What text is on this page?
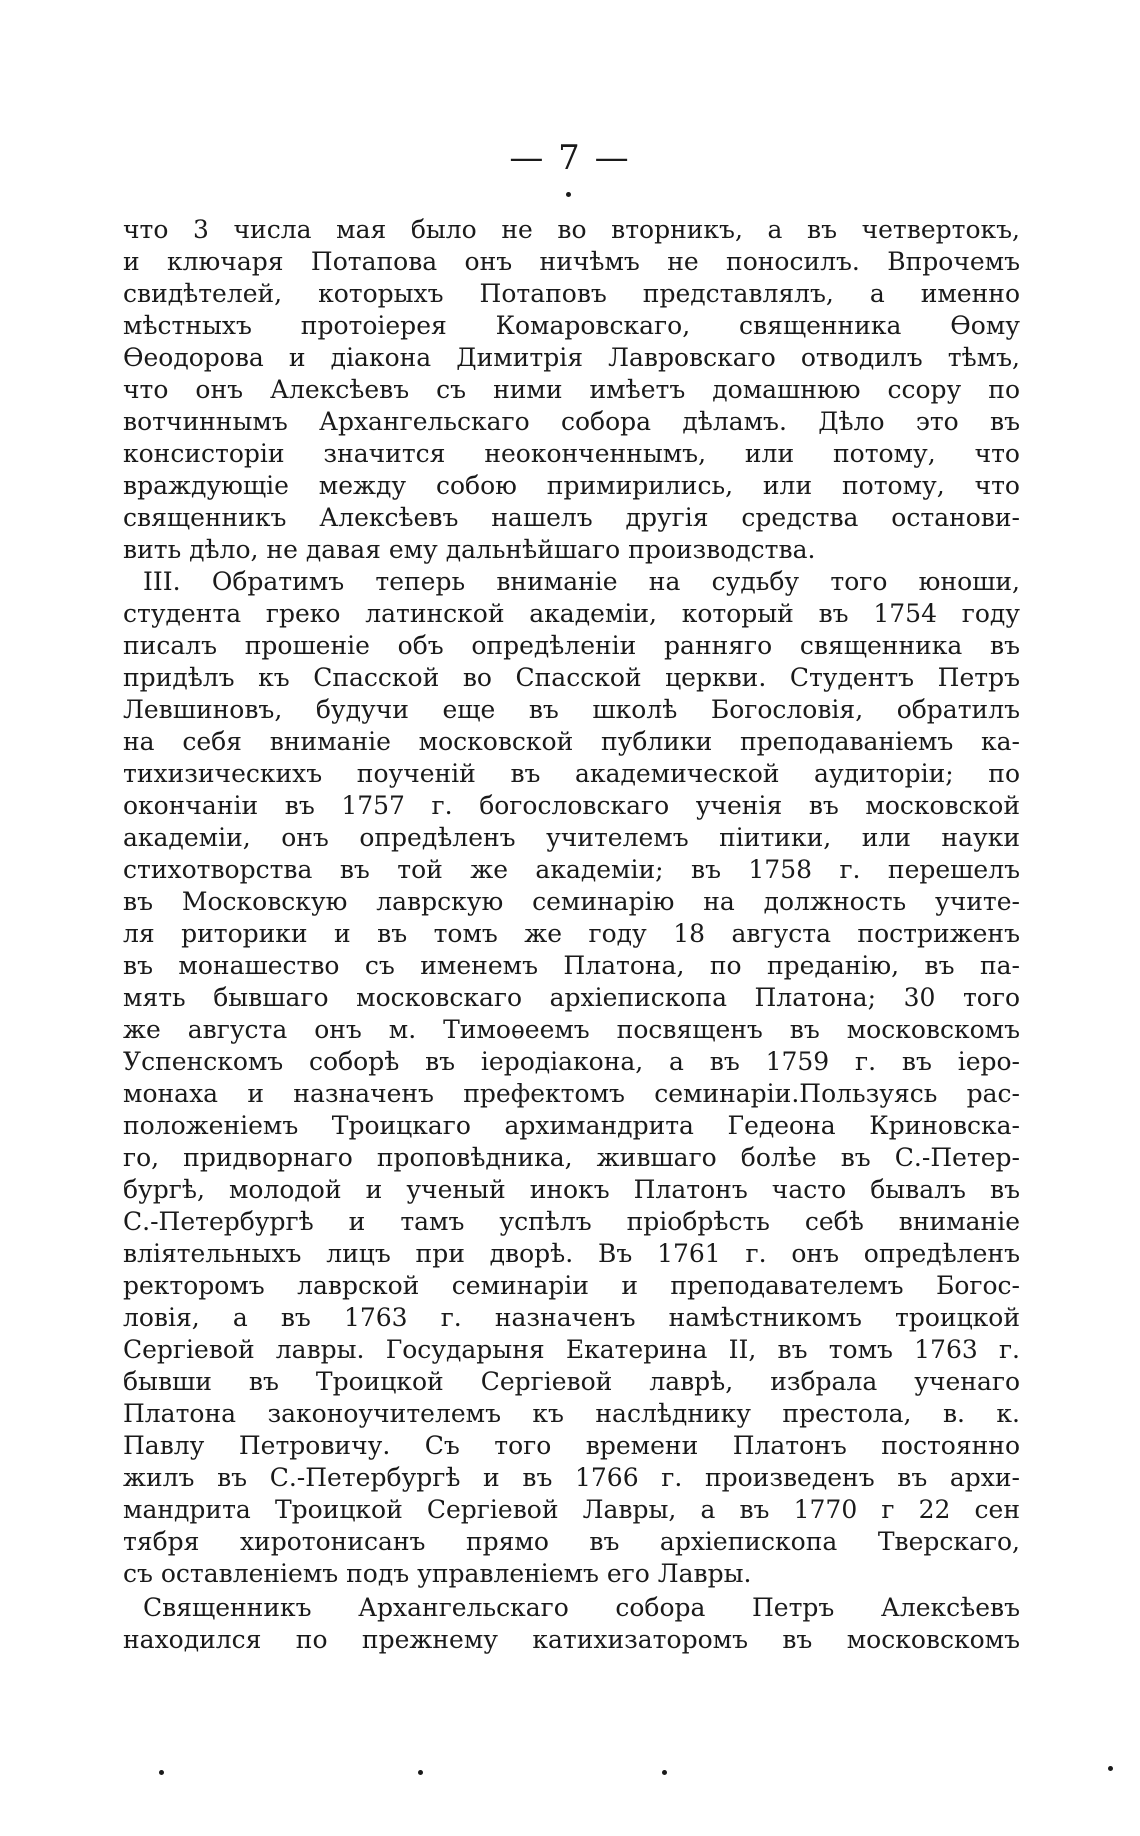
— 7 —
что 3 числа мая было не во вторникъ, а въ четвертокъ,
и ключаря Потапова онъ ничѣмъ не поносилъ. Впрочемъ
свидѣтелей, которыхъ Потаповъ представлялъ, а именно
мѣстныхъ протоіерея Комаровскаго, священника Ѳому
Ѳеодорова и діакона Димитрія Лавровскаго отводилъ тѣмъ,
что онъ Алексѣевъ съ ними имѣетъ домашнюю ссору по
вотчиннымъ Архангельскаго собора дѣламъ. Дѣло это въ
консисторіи значится неоконченнымъ, или потому, что
враждующіе между собою примирились, или потому, что
священникъ Алексѣевъ нашелъ другія средства останови-
вить дѣло, не давая ему дальнѣйшаго производства.
III. Обратимъ теперь вниманіе на судьбу того юноши,
студента греко латинской академіи, который въ 1754 году
писалъ прошеніе объ опредѣленіи ранняго священника въ
придѣлъ къ Спасской во Спасской церкви. Студентъ Петръ
Левшиновъ, будучи еще въ школѣ Богословія, обратилъ
на себя вниманіе московской публики преподаваніемъ ка-
тихизическихъ поученій въ академической аудиторіи; по
окончаніи въ 1757 г. богословскаго ученія въ московской
академіи, онъ опредѣленъ учителемъ піитики, или науки
стихотворства въ той же академіи; въ 1758 г. перешелъ
въ Московскую лаврскую семинарію на должность учите-
ля риторики и въ томъ же году 18 августа постриженъ
въ монашество съ именемъ Платона, по преданію, въ па-
мять бывшаго московскаго архіепископа Платона; 30 того
же августа онъ м. Тимоѳеемъ посвященъ въ московскомъ
Успенскомъ соборѣ въ іеродіакона, а въ 1759 г. въ іеро-
монаха и назначенъ префектомъ семинаріи.Пользуясь рас-
положеніемъ Троицкаго архимандрита Гедеона Криновска-
го, придворнаго проповѣдника, жившаго болѣе въ С.-Петер-
бургѣ, молодой и ученый инокъ Платонъ часто бывалъ въ
С.-Петербургѣ и тамъ успѣлъ пріобрѣсть себѣ вниманіе
вліятельныхъ лицъ при дворѣ. Въ 1761 г. онъ опредѣленъ
ректоромъ лаврской семинаріи и преподавателемъ Богос-
ловія, а въ 1763 г. назначенъ намѣстникомъ троицкой
Сергіевой лавры. Государыня Екатерина II, въ томъ 1763 г.
бывши въ Троицкой Сергіевой лаврѣ, избрала ученаго
Платона законоучителемъ къ наслѣднику престола, в. к.
Павлу Петровичу. Съ того времени Платонъ постоянно
жилъ въ С.-Петербургѣ и въ 1766 г. произведенъ въ архи-
мандрита Троицкой Сергіевой Лавры, а въ 1770 г 22 сен
тября хиротонисанъ прямо въ архіепископа Тверскаго,
съ оставленіемъ подъ управленіемъ его Лавры.
Священникъ Архангельскаго собора Петръ Алексѣевъ
находился по прежнему катихизаторомъ въ московскомъ
